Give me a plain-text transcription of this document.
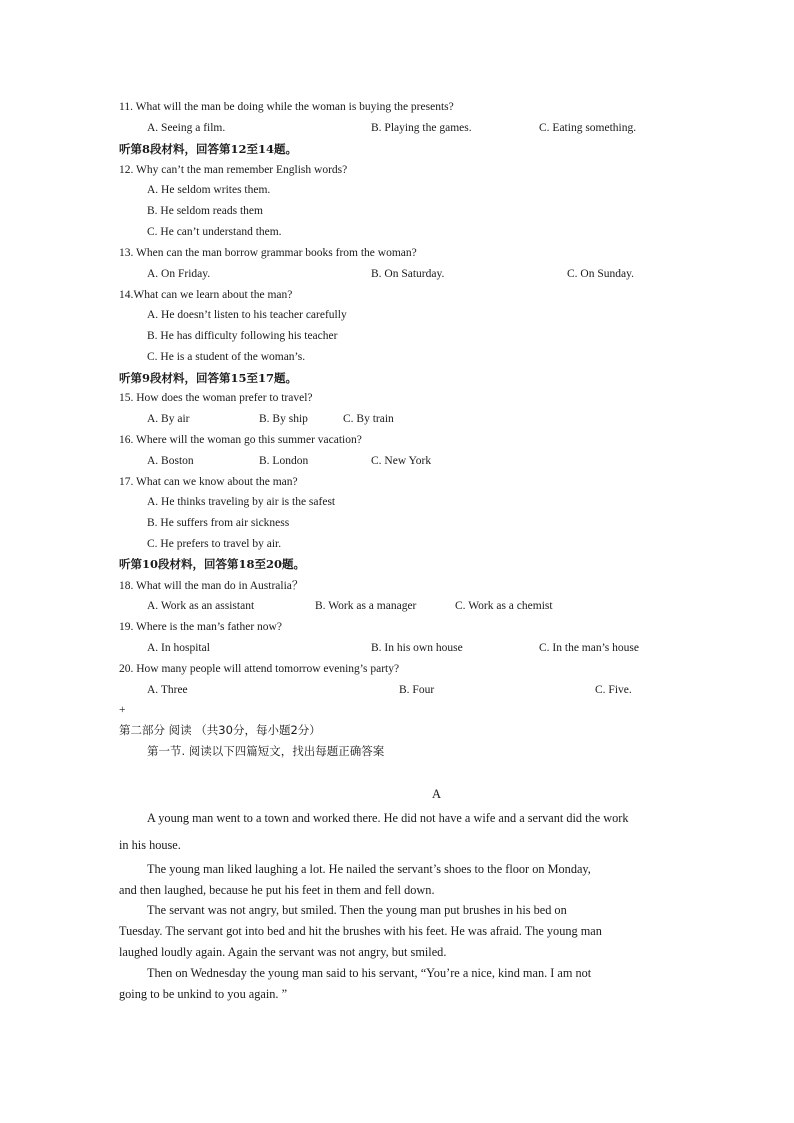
11. What will the man be doing while the woman is buying the presents?
A. Seeing a film.	B. Playing the games.	C. Eating something.
听第8段材料，回答第12至14题。
12. Why can’t the man remember English words?
A. He seldom writes them.
B. He seldom reads them
C. He can’t understand them.
13. When can the man borrow grammar books from the woman?
A. On Friday.	B. On Saturday.	C. On Sunday.
14.What can we learn about the man?
A. He doesn’t listen to his teacher carefully
B. He has difficulty following his teacher
C. He is a student of the woman’s.
听第9段材料，回答第15至17题。
15. How does the woman prefer to travel?
A. By air	B. By ship	C. By train
16. Where will the woman go this summer vacation?
A. Boston	B. London	C. New York
17. What can we know about the man?
A. He thinks traveling by air is the safest
B. He suffers from air sickness
C. He prefers to travel by air.
听第10段材料，回答第18至20题。
18. What will the man do in Australia？
A. Work as an assistant	B. Work as a manager	C. Work as a chemist
19. Where is the man’s father now?
A. In hospital	B. In his own house	C. In the man’s house
20. How many people will attend tomorrow evening’s party?
A. Three	B. Four	C. Five.
+
第二部分 阅读 （共30分，每小题2分）
第一节. 阅读以下四篇短文，找出每题正确答案
A
A young man went to a town and worked there. He did not have a wife and a servant did the work
in his house.
The young man liked laughing a lot. He nailed the servant’s shoes to the floor on Monday,
and then laughed, because he put his feet in them and fell down.
The servant was not angry, but smiled. Then the young man put brushes in his bed on
Tuesday. The servant got into bed and hit the brushes with his feet. He was afraid. The young man
laughed loudly again. Again the servant was not angry, but smiled.
Then on Wednesday the young man said to his servant, “You’re a nice, kind man. I am not
going to be unkind to you again. ”
